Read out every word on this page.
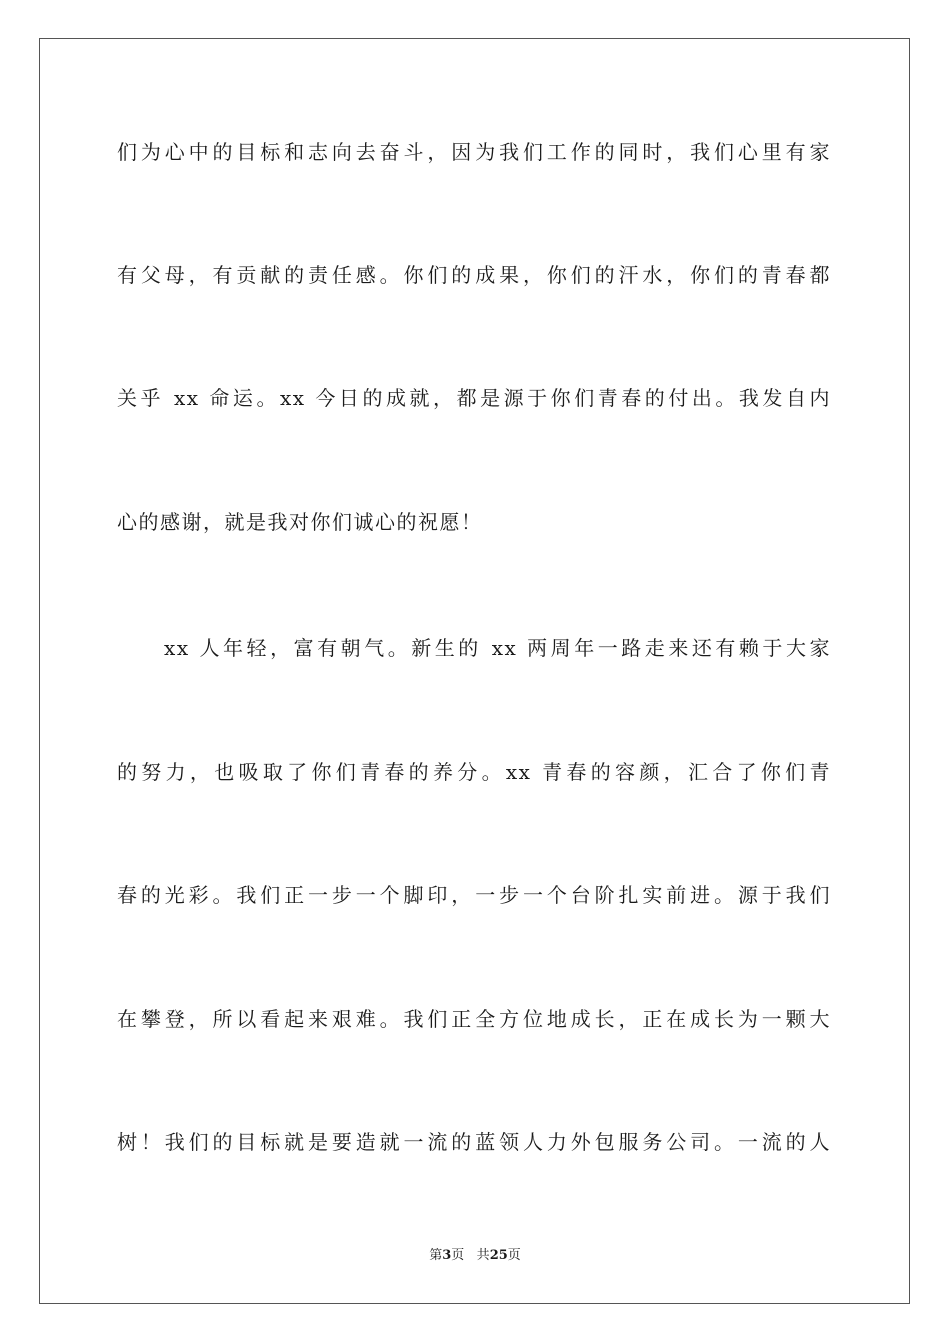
们为心中的目标和志向去奋斗，因为我们工作的同时，我们心里有家
有父母，有贡献的责任感。你们的成果，你们的汗水，你们的青春都
关乎 xx 命运。xx 今日的成就，都是源于你们青春的付出。我发自内
心的感谢，就是我对你们诚心的祝愿！
　　xx 人年轻，富有朝气。新生的 xx 两周年一路走来还有赖于大家
的努力，也吸取了你们青春的养分。xx 青春的容颜，汇合了你们青
春的光彩。我们正一步一个脚印，一步一个台阶扎实前进。源于我们
在攀登，所以看起来艰难。我们正全方位地成长，正在成长为一颗大
树！我们的目标就是要造就一流的蓝领人力外包服务公司。一流的人
第3页 共25页
